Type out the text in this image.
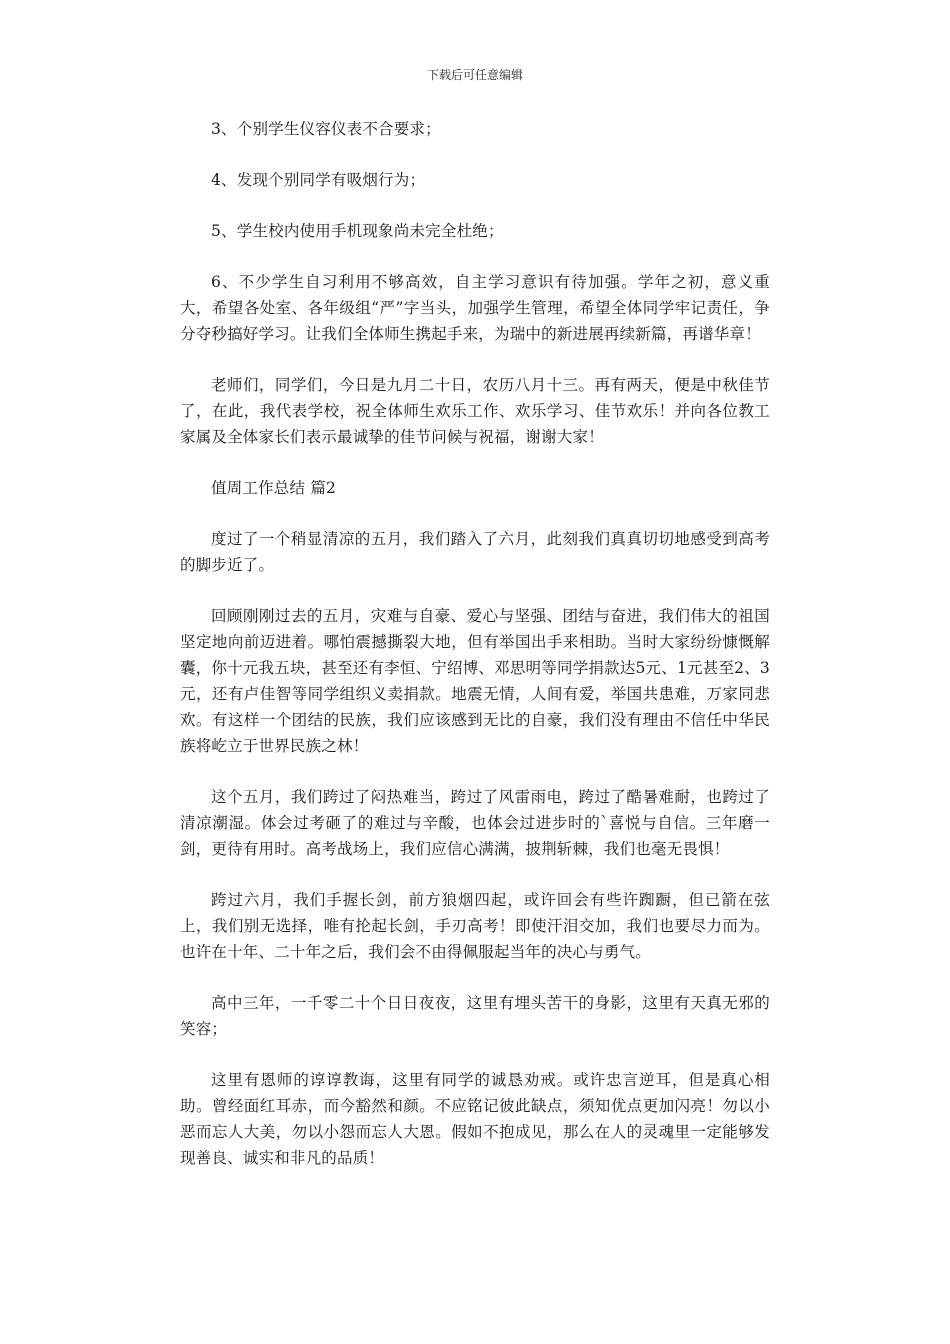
下载后可任意编辑

3、个别学生仪容仪表不合要求；

4、发现个别同学有吸烟行为；

5、学生校内使用手机现象尚未完全杜绝；

6、不少学生自习利用不够高效，自主学习意识有待加强。学年之初，意义重大，希望各处室、各年级组“严”字当头，加强学生管理，希望全体同学牢记责任，争分夺秒搞好学习。让我们全体师生携起手来，为瑞中的新进展再续新篇，再谱华章！

老师们，同学们，今日是九月二十日，农历八月十三。再有两天，便是中秋佳节了，在此，我代表学校，祝全体师生欢乐工作、欢乐学习、佳节欢乐！并向各位教工家属及全体家长们表示最诚挚的佳节问候与祝福，谢谢大家！

值周工作总结 篇2

度过了一个稍显清凉的五月，我们踏入了六月，此刻我们真真切切地感受到高考的脚步近了。

回顾刚刚过去的五月，灾难与自豪、爱心与坚强、团结与奋进，我们伟大的祖国坚定地向前迈进着。哪怕震撼撕裂大地，但有举国出手来相助。当时大家纷纷慷慨解囊，你十元我五块，甚至还有李恒、宁绍博、邓思明等同学捐款达5元、1元甚至2、3元，还有卢佳智等同学组织义卖捐款。地震无情，人间有爱，举国共患难，万家同悲欢。有这样一个团结的民族，我们应该感到无比的自豪，我们没有理由不信任中华民族将屹立于世界民族之林！

这个五月，我们跨过了闷热难当，跨过了风雷雨电，跨过了酷暑难耐，也跨过了清凉潮湿。体会过考砸了的难过与辛酸，也体会过进步时的`喜悦与自信。三年磨一剑，更待有用时。高考战场上，我们应信心满满，披荆斩棘，我们也毫无畏惧！

跨过六月，我们手握长剑，前方狼烟四起，或许回会有些许踟蹰，但已箭在弦上，我们别无选择，唯有抡起长剑，手刃高考！即使汗泪交加，我们也要尽力而为。也许在十年、二十年之后，我们会不由得佩服起当年的决心与勇气。

高中三年，一千零二十个日日夜夜，这里有埋头苦干的身影，这里有天真无邪的笑容；

这里有恩师的谆谆教诲，这里有同学的诚恳劝戒。或许忠言逆耳，但是真心相助。曾经面红耳赤，而今豁然和颜。不应铭记彼此缺点，须知优点更加闪亮！勿以小恶而忘人大美，勿以小怨而忘人大恩。假如不抱成见，那么在人的灵魂里一定能够发现善良、诚实和非凡的品质！
